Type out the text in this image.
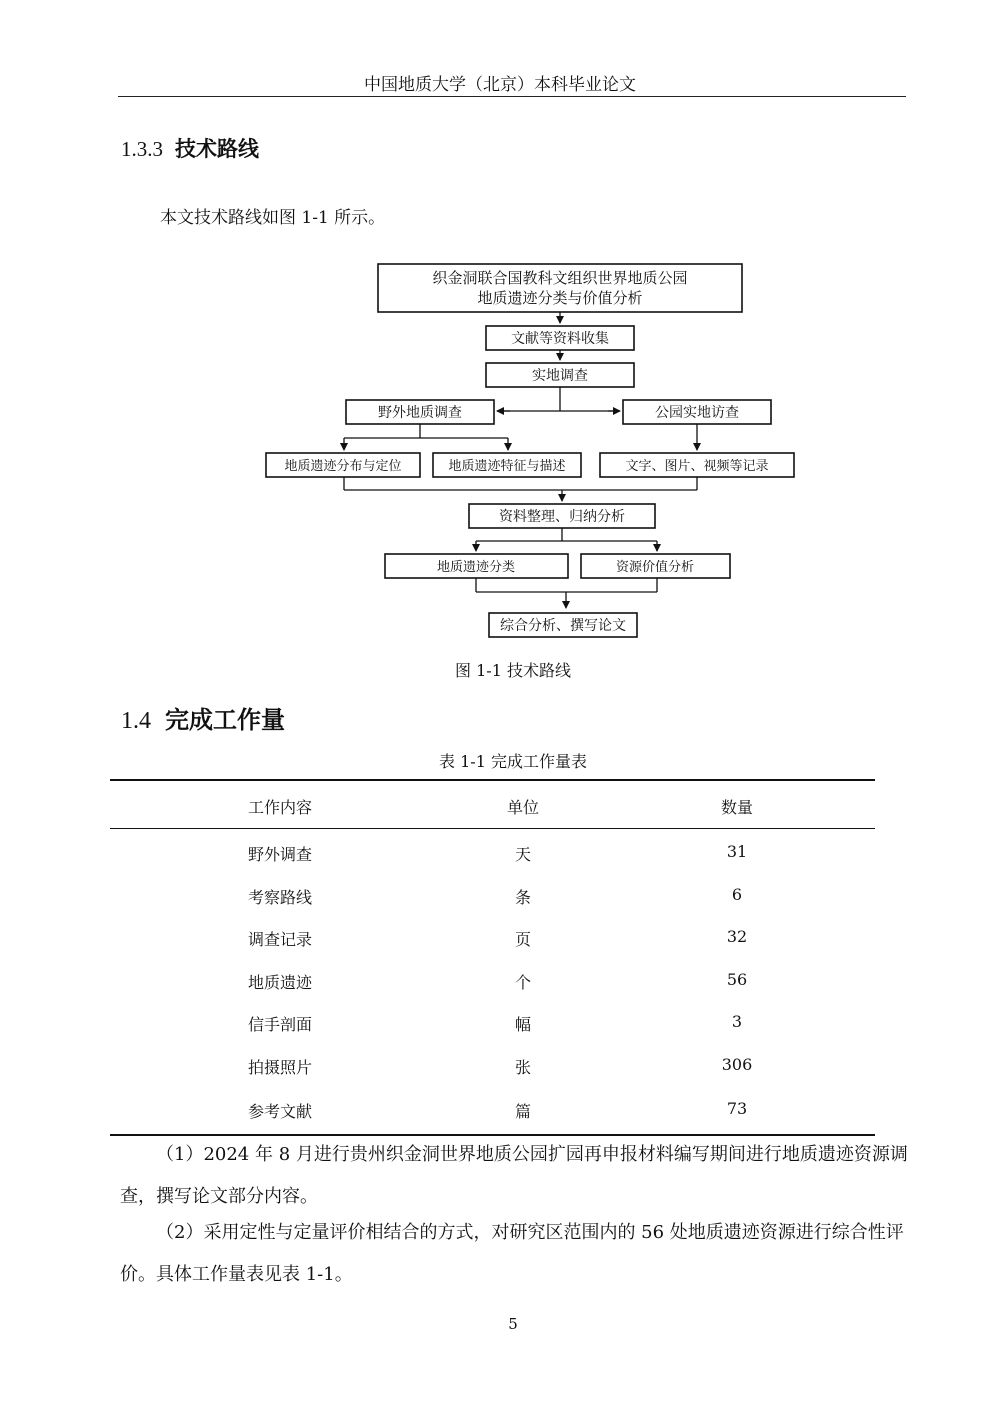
中国地质大学（北京）本科毕业论文
1.3.3 技术路线
本文技术路线如图 1-1 所示。
织金洞联合国教科文组织世界地质公园
地质遗迹分类与价值分析
文献等资料收集
实地调查
野外地质调查	公园实地访查
地质遗迹分布与定位	地质遗迹特征与描述	文字、图片、视频等记录
资料整理、归纳分析
地质遗迹分类	资源价值分析
综合分析、撰写论文
图 1-1 技术路线
1.4 完成工作量
表 1-1 完成工作量表
工作内容	单位	数量
野外调查	天	31
考察路线	条	6
调查记录	页	32
地质遗迹	个	56
信手剖面	幅	3
拍摄照片	张	306
参考文献	篇	73
（1）2024 年 8 月进行贵州织金洞世界地质公园扩园再申报材料编写期间进行地质遗迹资源调查，撰写论文部分内容。
（2）采用定性与定量评价相结合的方式，对研究区范围内的 56 处地质遗迹资源进行综合性评价。具体工作量表见表 1-1。
5
